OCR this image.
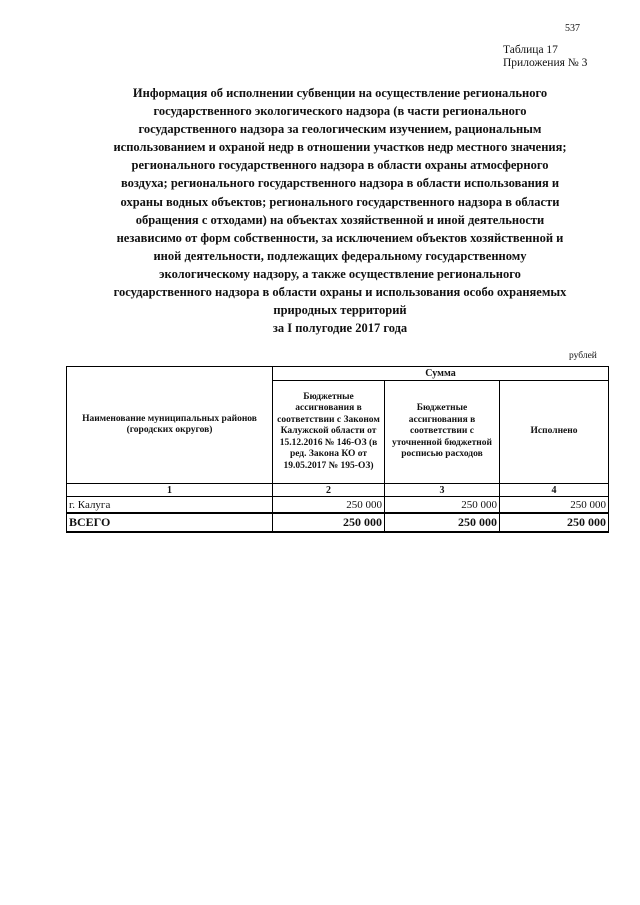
537
Таблица 17
Приложения № 3
Информация об исполнении субвенции на осуществление регионального
государственного экологического надзора (в части регионального
государственного надзора за геологическим изучением, рациональным
использованием и охраной недр в отношении участков недр местного значения;
регионального государственного надзора в области охраны атмосферного
воздуха; регионального государственного надзора в области использования и
охраны водных объектов; регионального государственного надзора в области
обращения с отходами) на объектах хозяйственной и иной деятельности
независимо от форм собственности, за исключением объектов хозяйственной и
иной деятельности, подлежащих федеральному государственному
экологическому надзору, а также осуществление регионального
государственного надзора в области охраны и использования особо охраняемых
природных территорий
за I полугодие 2017 года
рублей
Наименование муниципальных районов (городских округов)	Сумма		
	Бюджетные ассигнования в соответствии с Законом Калужской области от 15.12.2016 № 146-ОЗ (в ред. Закона КО от 19.05.2017 № 195-ОЗ)	Бюджетные ассигнования в соответствии с уточненной бюджетной росписью расходов	Исполнено
1	2	3	4
г. Калуга	250 000	250 000	250 000
ВСЕГО	250 000	250 000	250 000
